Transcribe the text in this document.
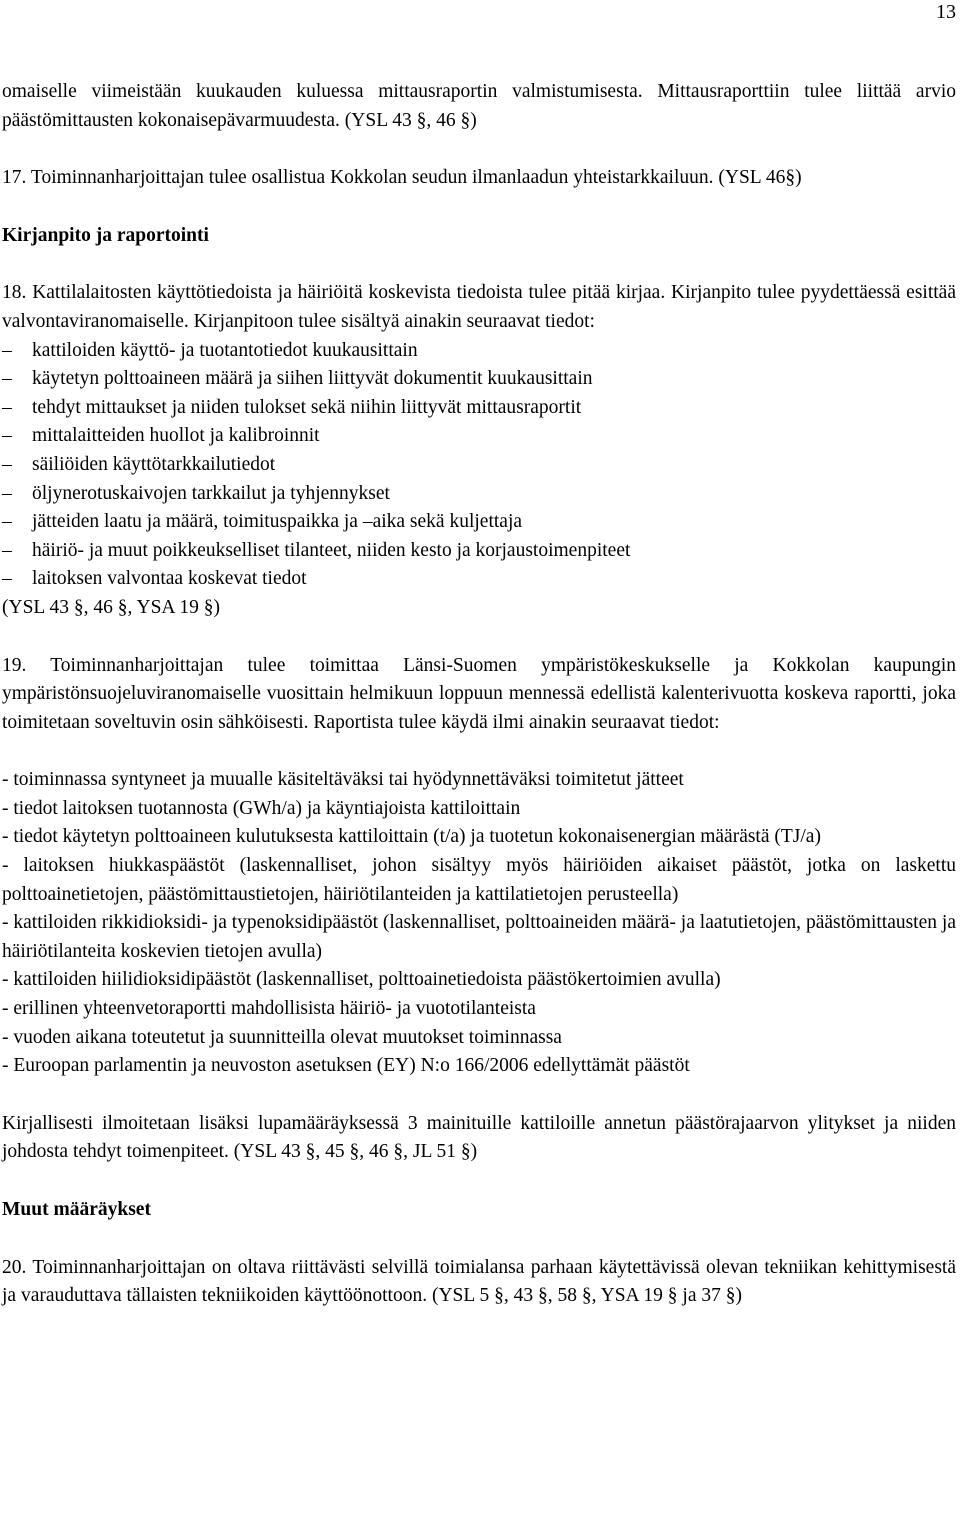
13

omaiselle viimeistään kuukauden kuluessa mittausraportin valmistumisesta. Mittausraporttiin tulee liittää arvio päästömittausten kokonaisepävarmuudesta. (YSL 43 §, 46 §)

17. Toiminnanharjoittajan tulee osallistua Kokkolan seudun ilmanlaadun yhteistarkkailuun. (YSL 46§)

Kirjanpito ja raportointi

18. Kattilalaitosten käyttötiedoista ja häiriöitä koskevista tiedoista tulee pitää kirjaa. Kirjanpito tulee pyydettäessä esittää valvontaviranomaiselle. Kirjanpitoon tulee sisältyä ainakin seuraavat tiedot:

– kattiloiden käyttö- ja tuotantotiedot kuukausittain
– käytetyn polttoaineen määrä ja siihen liittyvät dokumentit kuukausittain
– tehdyt mittaukset ja niiden tulokset sekä niihin liittyvät mittausraportit
– mittalaitteiden huollot ja kalibroinnit
– säiliöiden käyttötarkkailutiedot
– öljynerotuskaivojen tarkkailut ja tyhjennykset
– jätteiden laatu ja määrä, toimituspaikka ja –aika sekä kuljettaja
– häiriö- ja muut poikkeukselliset tilanteet, niiden kesto ja korjaustoimenpiteet
– laitoksen valvontaa koskevat tiedot

(YSL 43 §, 46 §, YSA 19 §)

19. Toiminnanharjoittajan tulee toimittaa Länsi-Suomen ympäristökeskukselle ja Kokkolan kaupungin ympäristönsuojeluviranomaiselle vuosittain helmikuun loppuun mennessä edellistä kalenterivuotta koskeva raportti, joka toimitetaan soveltuvin osin sähköisesti. Raportista tulee käydä ilmi ainakin seuraavat tiedot:

- toiminnassa syntyneet ja muualle käsiteltäväksi tai hyödynnettäväksi toimitetut jätteet

- tiedot laitoksen tuotannosta (GWh/a) ja käyntiajoista kattiloittain

- tiedot käytetyn polttoaineen kulutuksesta kattiloittain (t/a) ja tuotetun kokonaisenergian määrästä (TJ/a)

- laitoksen hiukkaspäästöt (laskennalliset, johon sisältyy myös häiriöiden aikaiset päästöt, jotka on laskettu polttoainetietojen, päästömittaustietojen, häiriötilanteiden ja kattilatietojen perusteella)

- kattiloiden rikkidioksidi- ja typenoksidipäästöt (laskennalliset, polttoaineiden määrä- ja laatutietojen, päästömittausten ja häiriötilanteita koskevien tietojen avulla)

- kattiloiden hiilidioksidipäästöt (laskennalliset, polttoainetiedoista päästökertoimien avulla)

- erillinen yhteenvetoraportti mahdollisista häiriö- ja vuototilanteista

- vuoden aikana toteutetut ja suunnitteilla olevat muutokset toiminnassa

- Euroopan parlamentin ja neuvoston asetuksen (EY) N:o 166/2006 edellyttämät päästöt

Kirjallisesti ilmoitetaan lisäksi lupamääräyksessä 3 mainituille kattiloille annetun päästörajaarvon ylitykset ja niiden johdosta tehdyt toimenpiteet. (YSL 43 §, 45 §, 46 §, JL 51 §)

Muut määräykset

20. Toiminnanharjoittajan on oltava riittävästi selvillä toimialansa parhaan käytettävissä olevan tekniikan kehittymisestä ja varauduttava tällaisten tekniikoiden käyttöönottoon. (YSL 5 §, 43 §, 58 §, YSA 19 § ja 37 §)
